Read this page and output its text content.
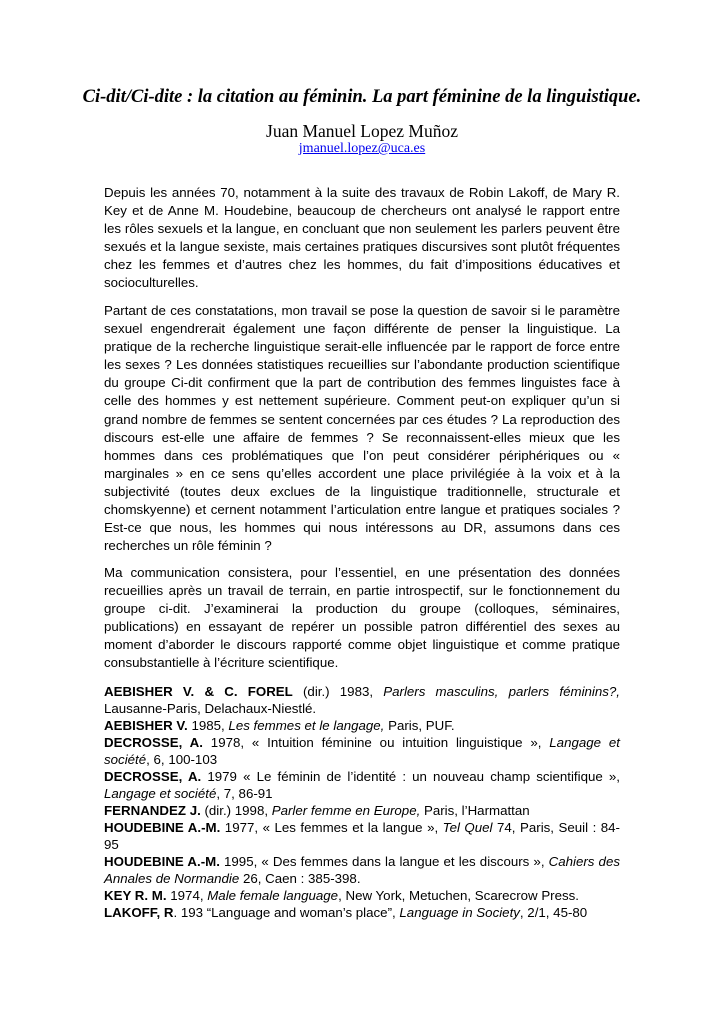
Ci-dit/Ci-dite : la citation au féminin. La part féminine de la linguistique.
Juan Manuel Lopez Muñoz
jmanuel.lopez@uca.es

Depuis les années 70, notamment à la suite des travaux de Robin Lakoff, de Mary R. Key et de Anne M. Houdebine, beaucoup de chercheurs ont analysé le rapport entre les rôles sexuels et la langue, en concluant que non seulement les parlers peuvent être sexués et la langue sexiste, mais certaines pratiques discursives sont plutôt fréquentes chez les femmes et d’autres chez les hommes, du fait d’impositions éducatives et socioculturelles.

Partant de ces constatations, mon travail se pose la question de savoir si le paramètre sexuel engendrerait également une façon différente de penser la linguistique. La pratique de la recherche linguistique serait-elle influencée par le rapport de force entre les sexes ? Les données statistiques recueillies sur l’abondante production scientifique du groupe Ci-dit confirment que la part de contribution des femmes linguistes face à celle des hommes y est nettement supérieure. Comment peut-on expliquer qu’un si grand nombre de femmes se sentent concernées par ces études ? La reproduction des discours est-elle une affaire de femmes ? Se reconnaissent-elles mieux que les hommes dans ces problématiques que l’on peut considérer périphériques ou « marginales » en ce sens qu’elles accordent une place privilégiée à la voix et à la subjectivité (toutes deux exclues de la linguistique traditionnelle, structurale et chomskyenne) et cernent notamment l’articulation entre langue et pratiques sociales ? Est-ce que nous, les hommes qui nous intéressons au DR, assumons dans ces recherches un rôle féminin ?

Ma communication consistera, pour l’essentiel, en une présentation des données recueillies après un travail de terrain, en partie introspectif, sur le fonctionnement du groupe ci-dit. J’examinerai la production du groupe (colloques, séminaires, publications) en essayant de repérer un possible patron différentiel des sexes au moment d’aborder le discours rapporté comme objet linguistique et comme pratique consubstantielle à l’écriture scientifique.

AEBISHER V. & C. FOREL (dir.) 1983, Parlers masculins, parlers féminins?, Lausanne-Paris, Delachaux-Niestlé.
AEBISHER V. 1985, Les femmes et le langage, Paris, PUF.
DECROSSE, A. 1978, « Intuition féminine ou intuition linguistique », Langage et société, 6, 100-103
DECROSSE, A. 1979 « Le féminin de l’identité : un nouveau champ scientifique », Langage et société, 7, 86-91
FERNANDEZ J. (dir.) 1998, Parler femme en Europe, Paris, l’Harmattan
HOUDEBINE A.-M. 1977, « Les femmes et la langue », Tel Quel 74, Paris, Seuil : 84-95
HOUDEBINE A.-M. 1995, « Des femmes dans la langue et les discours », Cahiers des Annales de Normandie 26, Caen : 385-398.
KEY R. M. 1974, Male female language, New York, Metuchen, Scarecrow Press.
LAKOFF, R. 193 “Language and woman’s place”, Language in Society, 2/1, 45-80
